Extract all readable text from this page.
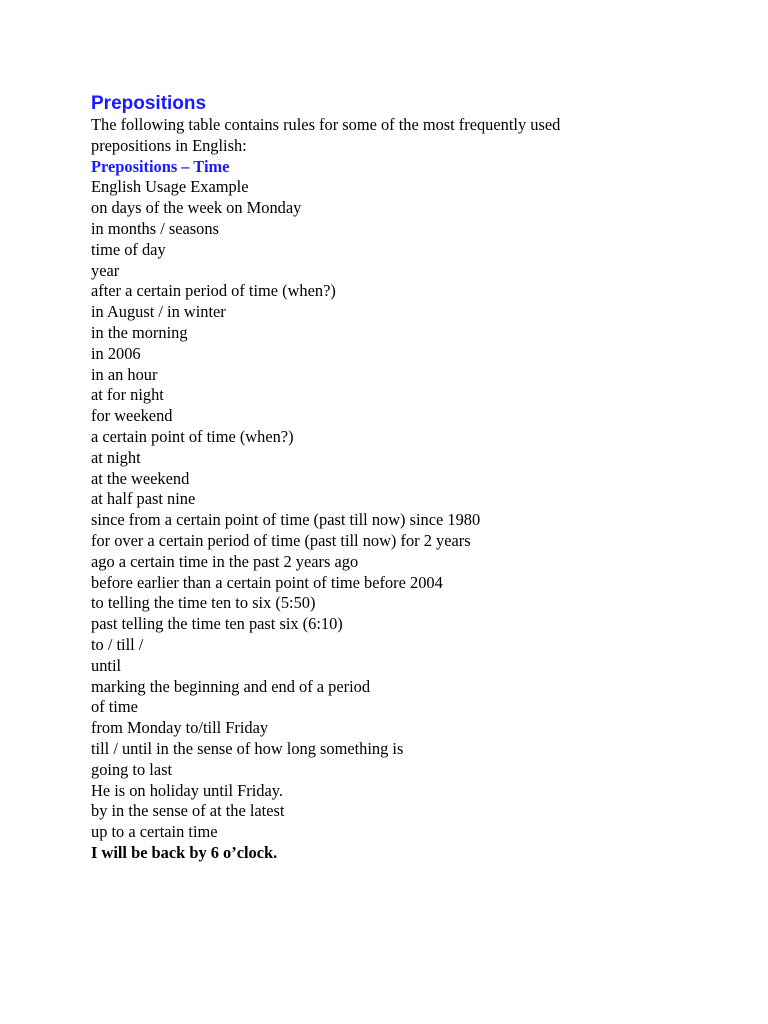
Prepositions
The following table contains rules for some of the most frequently used
prepositions in English:
Prepositions – Time
English Usage Example
on days of the week on Monday
in months / seasons
time of day
year
after a certain period of time (when?)
in August / in winter
in the morning
in 2006
in an hour
at for night
for weekend
a certain point of time (when?)
at night
at the weekend
at half past nine
since from a certain point of time (past till now) since 1980
for over a certain period of time (past till now) for 2 years
ago a certain time in the past 2 years ago
before earlier than a certain point of time before 2004
to telling the time ten to six (5:50)
past telling the time ten past six (6:10)
to / till /
until
marking the beginning and end of a period
of time
from Monday to/till Friday
till / until in the sense of how long something is
going to last
He is on holiday until Friday.
by in the sense of at the latest
up to a certain time
I will be back by 6 o’clock.
